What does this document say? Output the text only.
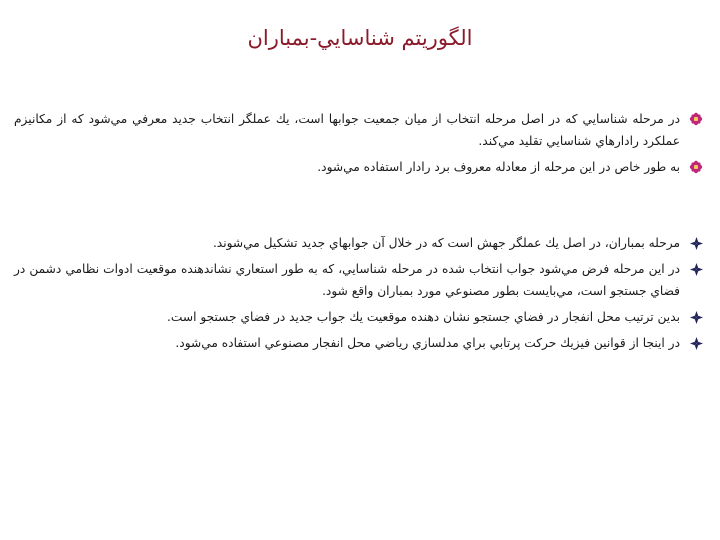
الگوريتم شناسايي-بمباران
در مرحله شناسايي كه در اصل مرحله انتخاب از ميان جمعيت جوابها است، يك عملگر انتخاب جديد معرفي مي‌شود كه از مكانيزم عملكرد رادارهاي شناسايي تقليد مي‌كند.
به طور خاص در اين مرحله از معادله معروف برد رادار استفاده مي‌شود.
مرحله بمباران، در اصل يك عملگر جهش است كه در خلال آن جوابهاي جديد تشكيل مي‌شوند.
در اين مرحله فرض مي‌شود جواب انتخاب شده در مرحله شناسايي، كه به طور استعاري نشاندهنده موقعيت ادوات نظامي دشمن در فضاي جستجو است، مي‌بايست بطور مصنوعي مورد بمباران واقع شود.
بدين ترتيب محل انفجار در فضاي جستجو نشان دهنده موقعيت يك جواب جديد در فضاي جستجو است.
در اينجا از قوانين فيزيك حركت پرتابي براي مدلسازي رياضي محل انفجار مصنوعي استفاده مي‌شود.
